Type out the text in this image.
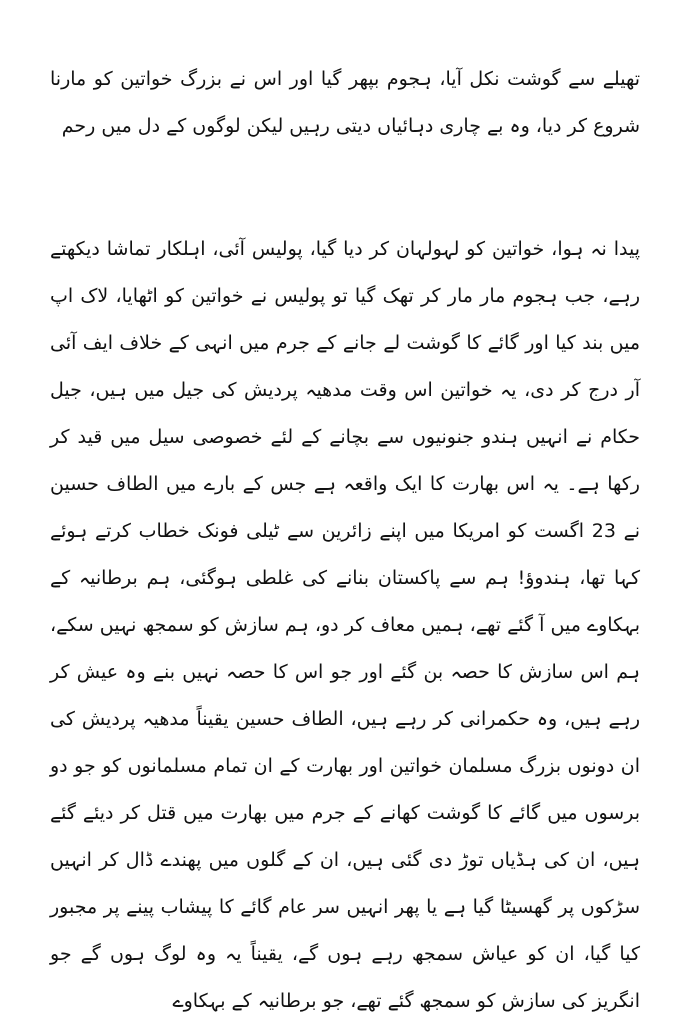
تھیلے سے گوشت نکل آیا، ہجوم بپھر گیا اور اس نے بزرگ خواتین کو مارنا شروع کر دیا، وہ بے چاری دہائیاں دیتی رہیں لیکن لوگوں کے دل میں رحم

پیدا نہ ہوا، خواتین کو لہولہان کر دیا گیا، پولیس آئی، اہلکار تماشا دیکھتے رہے، جب ہجوم مار مار کر تھک گیا تو پولیس نے خواتین کو اٹھایا، لاک اپ میں بند کیا اور گائے کا گوشت لے جانے کے جرم میں انہی کے خلاف ایف آئی آر درج کر دی، یہ خواتین اس وقت مدھیہ پردیش کی جیل میں ہیں، جیل حکام نے انہیں ہندو جنونیوں سے بچانے کے لئے خصوصی سیل میں قید کر رکھا ہے۔ یہ اس بھارت کا ایک واقعہ ہے جس کے بارے میں الطاف حسین نے 23 اگست کو امریکا میں اپنے زائرین سے ٹیلی فونک خطاب کرتے ہوئے کہا تھا، ہندوؤ! ہم سے پاکستان بنانے کی غلطی ہوگئی، ہم برطانیہ کے بہکاوے میں آ گئے تھے، ہمیں معاف کر دو، ہم سازش کو سمجھ نہیں سکے، ہم اس سازش کا حصہ بن گئے اور جو اس کا حصہ نہیں بنے وہ عیش کر رہے ہیں، وہ حکمرانی کر رہے ہیں، الطاف حسین یقیناً مدھیہ پردیش کی ان دونوں بزرگ مسلمان خواتین اور بھارت کے ان تمام مسلمانوں کو جو دو برسوں میں گائے کا گوشت کھانے کے جرم میں بھارت میں قتل کر دیئے گئے ہیں، ان کی ہڈیاں توڑ دی گئی ہیں، ان کے گلوں میں پھندے ڈال کر انہیں سڑکوں پر گھسیٹا گیا ہے یا پھر انہیں سر عام گائے کا پیشاب پینے پر مجبور کیا گیا، ان کو عیاش سمجھ رہے ہوں گے، یقیناً یہ وہ لوگ ہوں گے جو انگریز کی سازش کو سمجھ گئے تھے، جو برطانیہ کے بہکاوے
